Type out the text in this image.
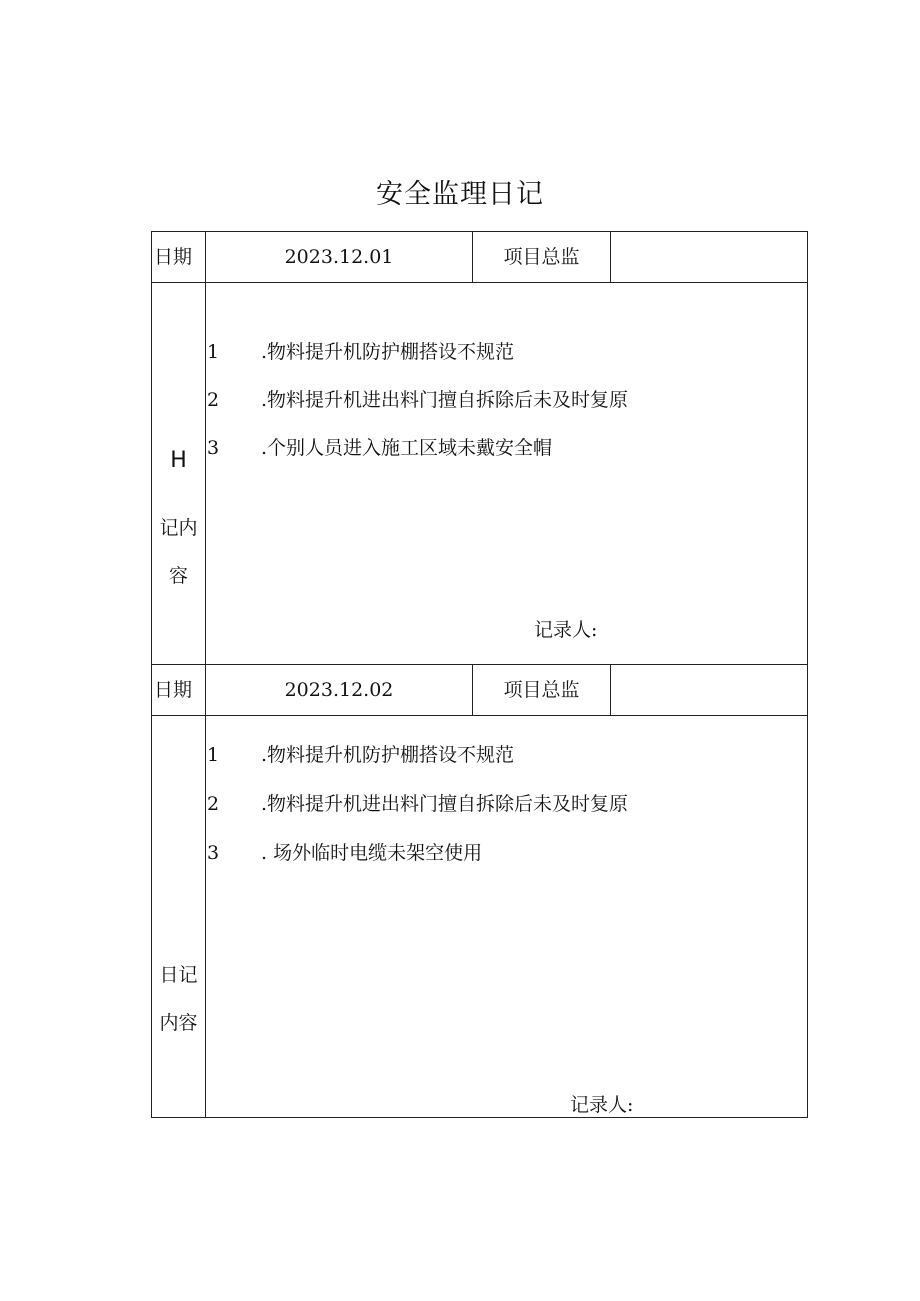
安全监理日记
日期	2023.12.01	项目总监
H
记内
容
1 .物料提升机防护棚搭设不规范
2 .物料提升机进出料门擅自拆除后未及时复原
3 .个别人员进入施工区域未戴安全帽
记录人:
日期	2023.12.02	项目总监
日记
内容
1 .物料提升机防护棚搭设不规范
2 .物料提升机进出料门擅自拆除后未及时复原
3 . 场外临时电缆未架空使用
记录人:
